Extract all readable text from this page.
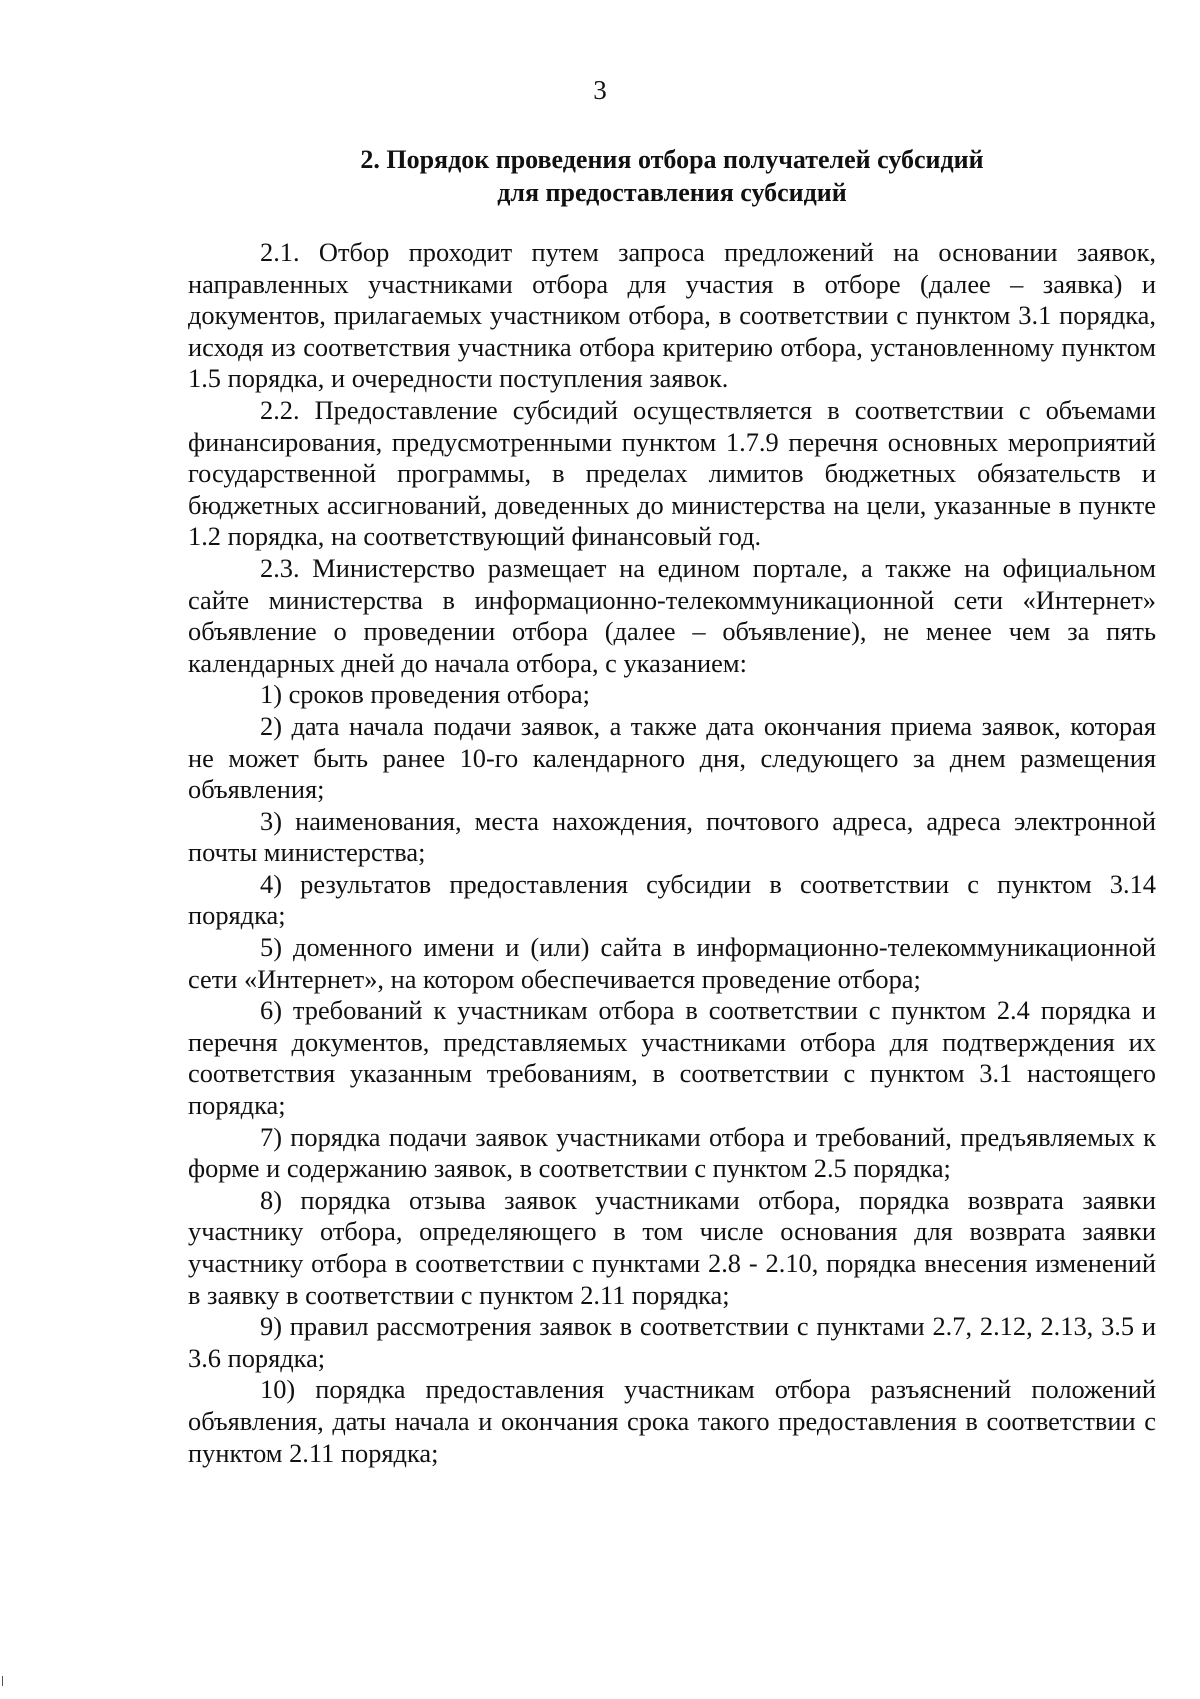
3
2. Порядок проведения отбора получателей субсидий
для предоставления субсидий

2.1. Отбор проходит путем запроса предложений на основании заявок, направленных участниками отбора для участия в отборе (далее – заявка) и документов, прилагаемых участником отбора, в соответствии с пунктом 3.1 порядка, исходя из соответствия участника отбора критерию отбора, установленному пунктом 1.5 порядка, и очередности поступления заявок.

2.2. Предоставление субсидий осуществляется в соответствии с объемами финансирования, предусмотренными пунктом 1.7.9 перечня основных мероприятий государственной программы, в пределах лимитов бюджетных обязательств и бюджетных ассигнований, доведенных до министерства на цели, указанные в пункте 1.2 порядка, на соответствующий финансовый год.

2.3. Министерство размещает на едином портале, а также на официальном сайте министерства в информационно-телекоммуникационной сети «Интернет» объявление о проведении отбора (далее – объявление), не менее чем за пять календарных дней до начала отбора, с указанием:

1) сроков проведения отбора;

2) дата начала подачи заявок, а также дата окончания приема заявок, которая не может быть ранее 10-го календарного дня, следующего за днем размещения объявления;

3) наименования, места нахождения, почтового адреса, адреса электронной почты министерства;

4) результатов предоставления субсидии в соответствии с пунктом 3.14 порядка;

5) доменного имени и (или) сайта в информационно-телекоммуникационной сети «Интернет», на котором обеспечивается проведение отбора;

6) требований к участникам отбора в соответствии с пунктом 2.4 порядка и перечня документов, представляемых участниками отбора для подтверждения их соответствия указанным требованиям, в соответствии с пунктом 3.1 настоящего порядка;

7) порядка подачи заявок участниками отбора и требований, предъявляемых к форме и содержанию заявок, в соответствии с пунктом 2.5 порядка;

8) порядка отзыва заявок участниками отбора, порядка возврата заявки участнику отбора, определяющего в том числе основания для возврата заявки участнику отбора в соответствии с пунктами 2.8 - 2.10, порядка внесения изменений в заявку в соответствии с пунктом 2.11 порядка;

9) правил рассмотрения заявок в соответствии с пунктами 2.7, 2.12, 2.13, 3.5 и 3.6 порядка;

10) порядка предоставления участникам отбора разъяснений положений объявления, даты начала и окончания срока такого предоставления в соответствии с пунктом 2.11 порядка;
